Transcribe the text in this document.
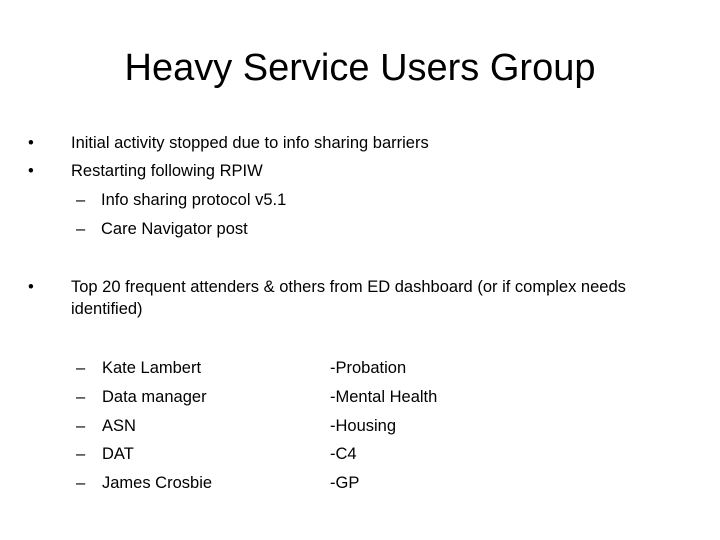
Heavy Service Users Group
• Initial activity stopped due to info sharing barriers
• Restarting following RPIW
– Info sharing protocol v5.1
– Care Navigator post
• Top 20 frequent attenders & others from ED dashboard (or if complex needs identified)
– Kate Lambert	-Probation
– Data manager	-Mental Health
– ASN	-Housing
– DAT	-C4
– James Crosbie	-GP
